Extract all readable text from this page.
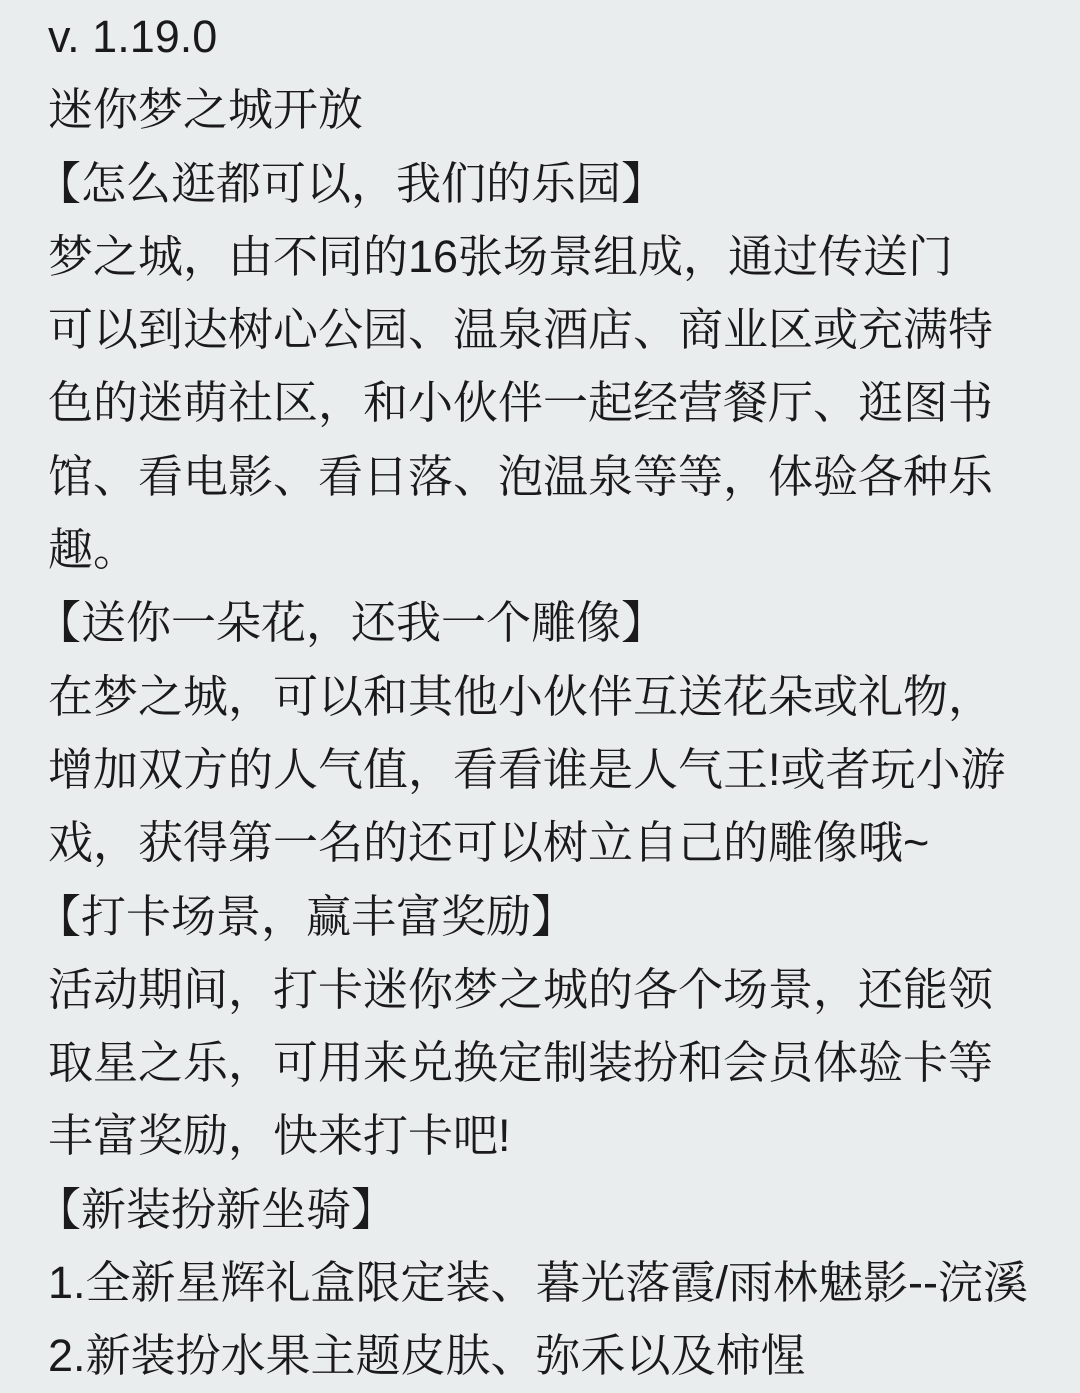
v. 1.19.0
迷你梦之城开放
【怎么逛都可以，我们的乐园】
梦之城，由不同的16张场景组成，通过传送门
可以到达树心公园、温泉酒店、商业区或充满特
色的迷萌社区，和小伙伴一起经营餐厅、逛图书
馆、看电影、看日落、泡温泉等等，体验各种乐
趣。
【送你一朵花，还我一个雕像】
在梦之城，可以和其他小伙伴互送花朵或礼物，
增加双方的人气值，看看谁是人气王!或者玩小游
戏，获得第一名的还可以树立自己的雕像哦~
【打卡场景，赢丰富奖励】
活动期间，打卡迷你梦之城的各个场景，还能领
取星之乐，可用来兑换定制装扮和会员体验卡等
丰富奖励，快来打卡吧!
【新装扮新坐骑】
1.全新星辉礼盒限定装、暮光落霞/雨林魅影--浣溪
2.新装扮水果主题皮肤、弥禾以及柿惺
